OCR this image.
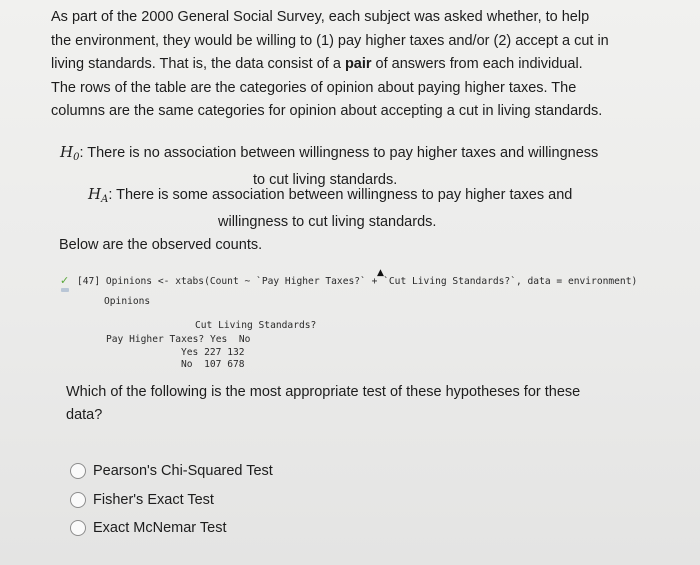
As part of the 2000 General Social Survey, each subject was asked whether, to help the environment, they would be willing to (1) pay higher taxes and/or (2) accept a cut in living standards. That is, the data consist of a pair of answers from each individual. The rows of the table are the categories of opinion about paying higher taxes. The columns are the same categories for opinion about accepting a cut in living standards.
$H_0$: There is no association between willingness to pay higher taxes and willingness
to cut living standards.
$H_A$: There is some association between willingness to pay higher taxes and
willingness to cut living standards.
Below are the observed counts.
✓
▲
[47] Opinions <- xtabs(Count ~ `Pay Higher Taxes?` + `Cut Living Standards?`, data = environment)
Opinions
Cut Living Standards?
Pay Higher Taxes? Yes  No
Yes 227 132
No  107 678
Which of the following is the most appropriate test of these hypotheses for these data?
Pearson's Chi-Squared Test
Fisher's Exact Test
Exact McNemar Test
